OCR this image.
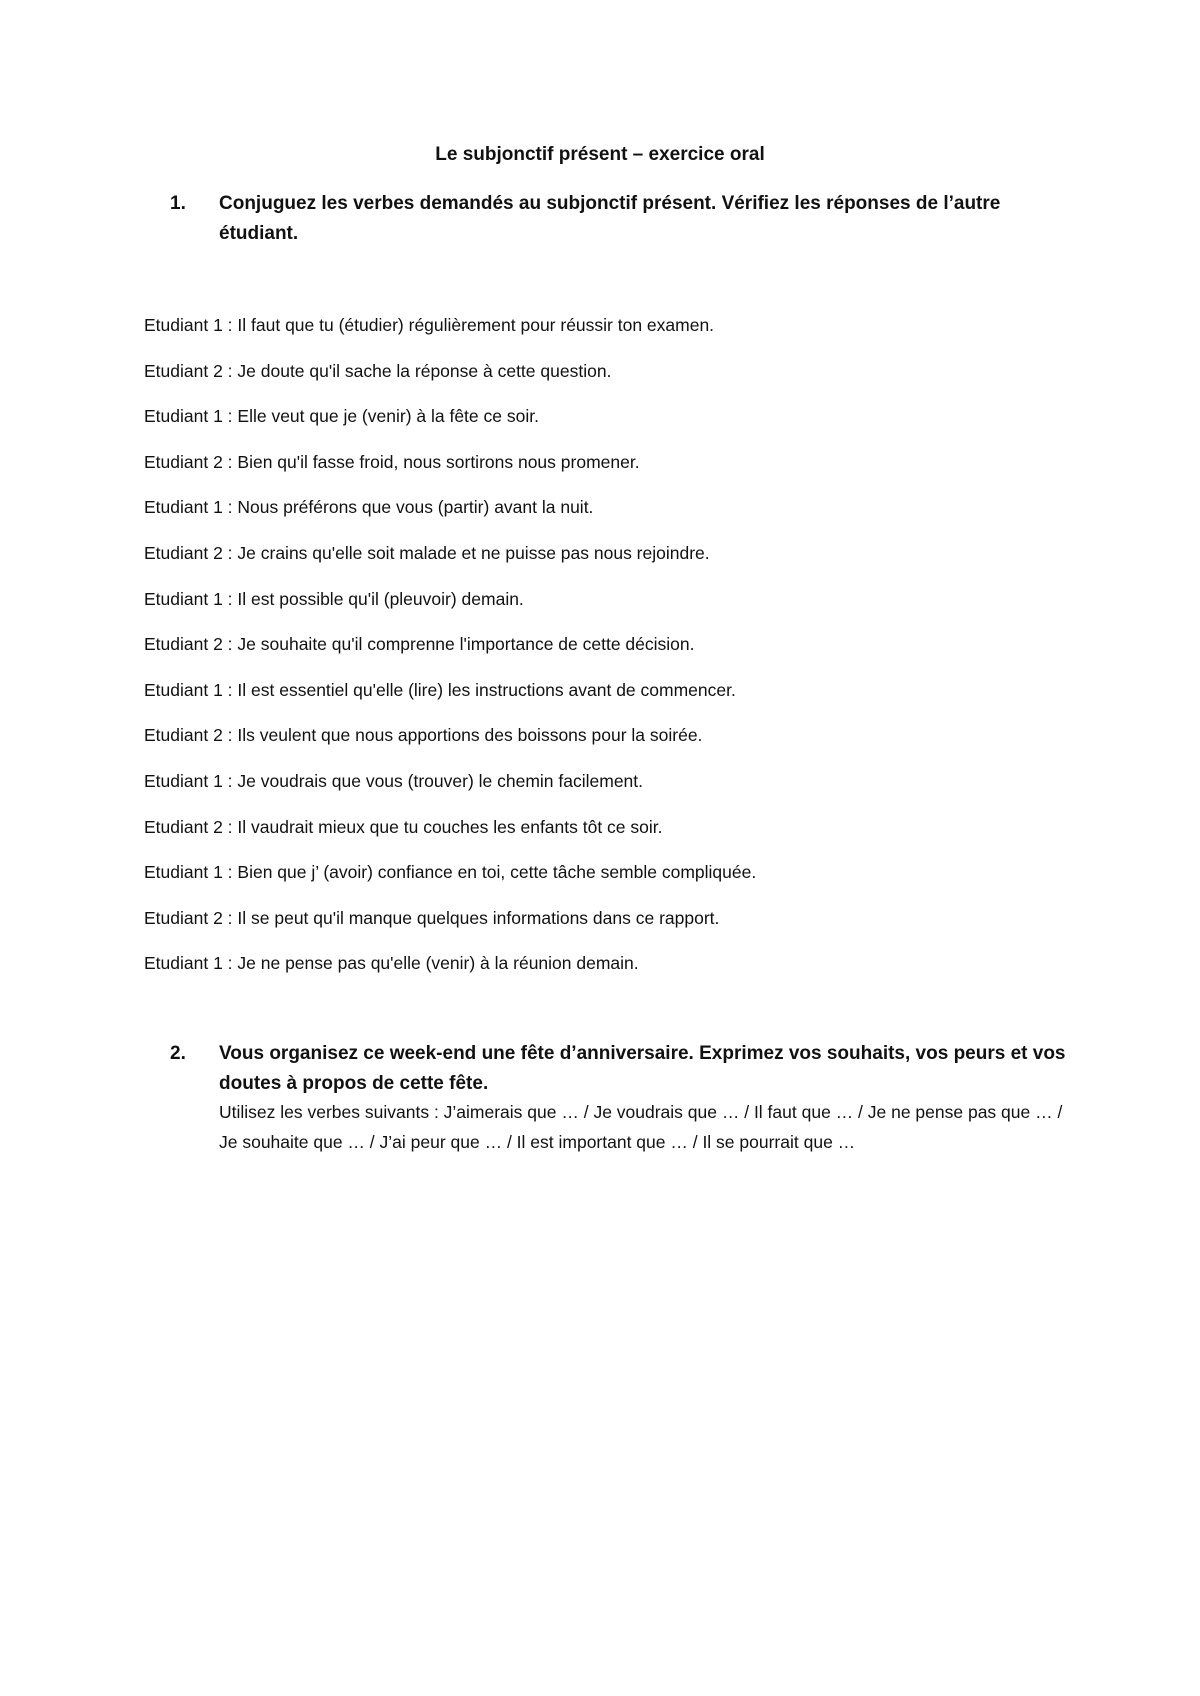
Le subjonctif présent – exercice oral
1.	Conjuguez les verbes demandés au subjonctif présent. Vérifiez les réponses de l’autre étudiant.
Etudiant 1 : Il faut que tu (étudier) régulièrement pour réussir ton examen.
Etudiant 2 : Je doute qu'il sache la réponse à cette question.
Etudiant 1 : Elle veut que je (venir) à la fête ce soir.
Etudiant 2 : Bien qu'il fasse froid, nous sortirons nous promener.
Etudiant 1 : Nous préférons que vous (partir) avant la nuit.
Etudiant 2 : Je crains qu'elle soit malade et ne puisse pas nous rejoindre.
Etudiant 1 : Il est possible qu'il (pleuvoir) demain.
Etudiant 2 : Je souhaite qu'il comprenne l'importance de cette décision.
Etudiant 1 : Il est essentiel qu'elle (lire) les instructions avant de commencer.
Etudiant 2 : Ils veulent que nous apportions des boissons pour la soirée.
Etudiant 1 : Je voudrais que vous (trouver) le chemin facilement.
Etudiant 2 : Il vaudrait mieux que tu couches les enfants tôt ce soir.
Etudiant 1 : Bien que j’ (avoir) confiance en toi, cette tâche semble compliquée.
Etudiant 2 : Il se peut qu'il manque quelques informations dans ce rapport.
Etudiant 1 : Je ne pense pas qu'elle (venir) à la réunion demain.
2.	Vous organisez ce week-end une fête d’anniversaire. Exprimez vos souhaits, vos peurs et vos doutes à propos de cette fête.
Utilisez les verbes suivants : J’aimerais que … / Je voudrais que … / Il faut que … / Je ne pense pas que … / Je souhaite que … / J’ai peur que … / Il est important que … / Il se pourrait que …
